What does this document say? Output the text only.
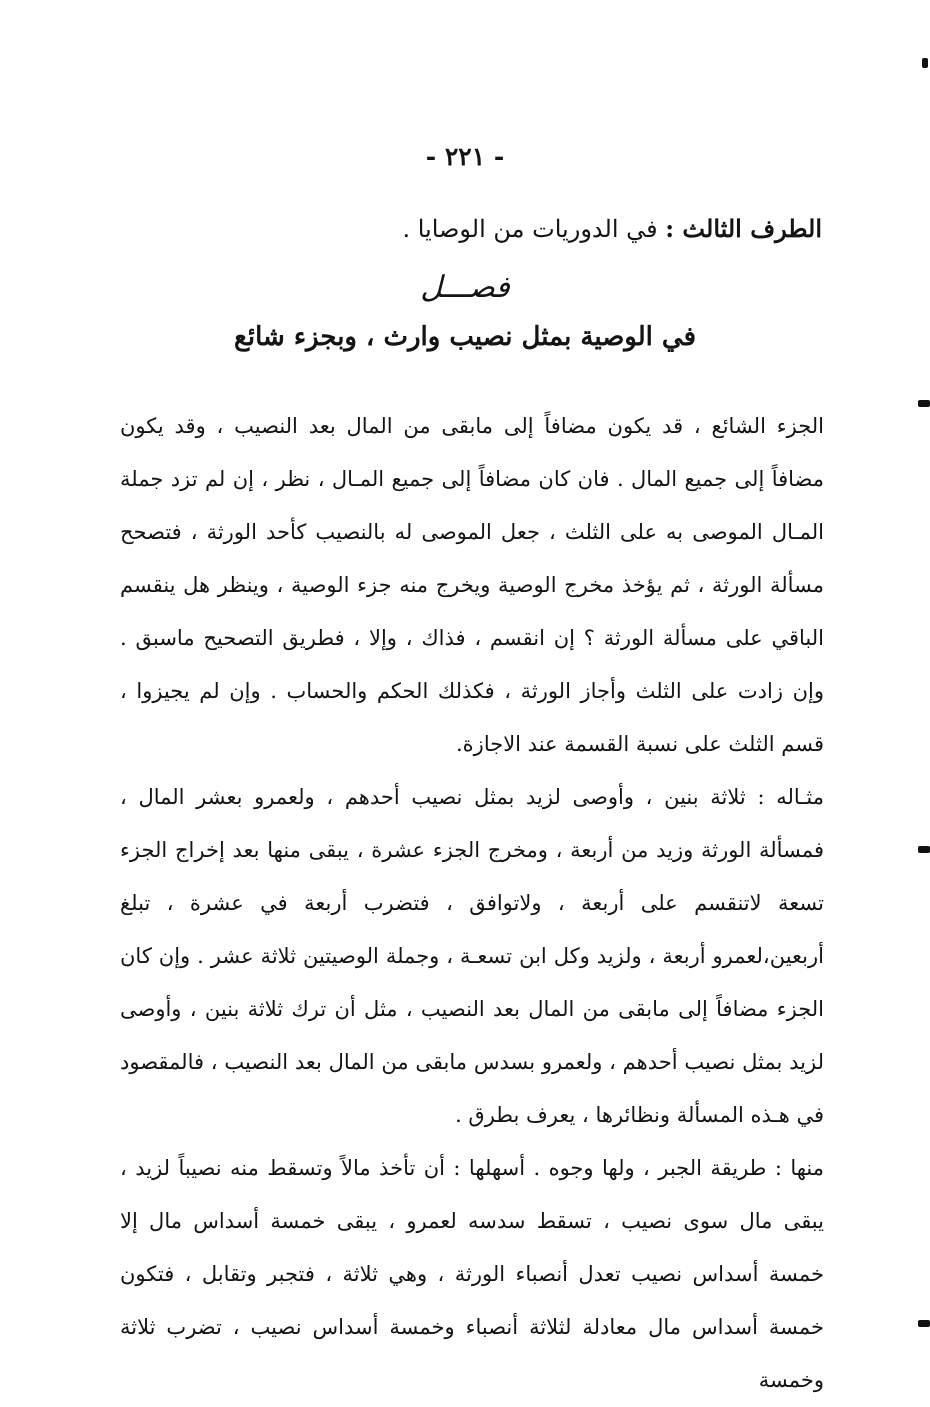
- ٢٢١ -
الطرف الثالث : في الدوريات من الوصايا .
فصـــل
في الوصية بمثل نصيب وارث ، وبجزء شائع

الجزء الشائع ، قد يكون مضافاً إلى مابقى من المال بعد النصيب ، وقد يكون مضافاً إلى جميع المال . فان كان مضافاً إلى جميع المـال ، نظر ، إن لم تزد جملة المـال الموصى به على الثلث ، جعل الموصى له بالنصيب كأحد الورثة ، فتصحح مسألة الورثة ، ثم يؤخذ مخرج الوصية ويخرج منه جزء الوصية ، وينظر هل ينقسم الباقي على مسألة الورثة ؟ إن انقسم ، فذاك ، وإلا ، فطريق التصحيح ماسبق . وإن زادت على الثلث وأجاز الورثة ، فكذلك الحكم والحساب . وإن لم يجيزوا ، قسم الثلث على نسبة القسمة عند الاجازة.

مثـاله : ثلاثة بنين ، وأوصى لزيد بمثل نصيب أحدهم ، ولعمرو بعشر المال ، فمسألة الورثة وزيد من أربعة ، ومخرج الجزء عشرة ، يبقى منها بعد إخراج الجزء تسعة لاتنقسم على أربعة ، ولاتوافق ، فتضرب أربعة في عشرة ، تبلغ أربعين،لعمرو أربعة ، ولزيد وكل ابن تسعـة ، وجملة الوصيتين ثلاثة عشر . وإن كان الجزء مضافاً إلى مابقى من المال بعد النصيب ، مثل أن ترك ثلاثة بنين ، وأوصى لزيد بمثل نصيب أحدهم ، ولعمرو بسدس مابقى من المال بعد النصيب ، فالمقصود في هـذه المسألة ونظائرها ، يعرف بطرق .

منها : طريقة الجبر ، ولها وجوه . أسهلها : أن تأخذ مالاً وتسقط منه نصيباً لزيد ، يبقى مال سوى نصيب ، تسقط سدسه لعمرو ، يبقى خمسة أسداس مال إلا خمسة أسداس نصيب تعدل أنصباء الورثة ، وهي ثلاثة ، فتجبر وتقابل ، فتكون خمسة أسداس مال معادلة لثلاثة أنصباء وخمسة أسداس نصيب ، تضرب ثلاثة وخمسة
